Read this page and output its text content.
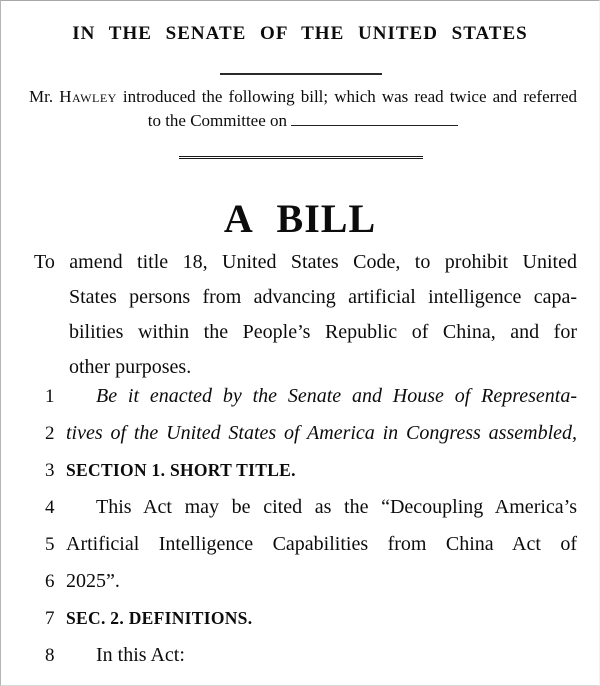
IN THE SENATE OF THE UNITED STATES
Mr. Hawley introduced the following bill; which was read twice and referred
to the Committee on
A BILL
To amend title 18, United States Code, to prohibit United
States persons from advancing artificial intelligence capa-
bilities within the People’s Republic of China, and for
other purposes.
1	Be it enacted by the Senate and House of Representa-
2 tives of the United States of America in Congress assembled,
3 SECTION 1. SHORT TITLE.
4	This Act may be cited as the “Decoupling America’s
5 Artificial Intelligence Capabilities from China Act of
6 2025”.
7 SEC. 2. DEFINITIONS.
8	In this Act:
